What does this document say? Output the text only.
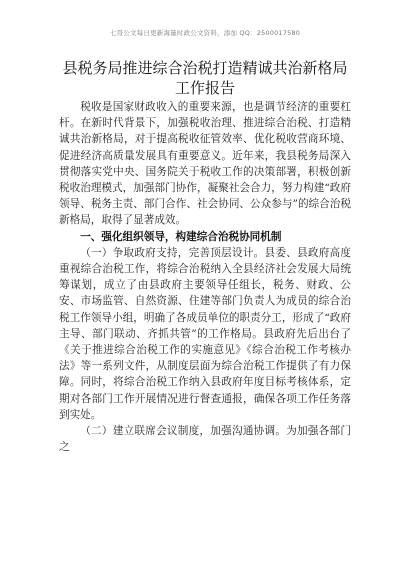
七哥公文每日更新海量时政公文资料，添加 QQ：2500017580
县税务局推进综合治税打造精诚共治新格局工作报告

税收是国家财政收入的重要来源，也是调节经济的重要杠杆。在新时代背景下，加强税收治理、推进综合治税、打造精诚共治新格局，对于提高税收征管效率、优化税收营商环境、促进经济高质量发展具有重要意义。近年来，我县税务局深入贯彻落实党中央、国务院关于税收工作的决策部署，积极创新税收治理模式，加强部门协作，凝聚社会合力，努力构建“政府领导、税务主责、部门合作、社会协同、公众参与”的综合治税新格局，取得了显著成效。

一、强化组织领导，构建综合治税协同机制

（一）争取政府支持，完善顶层设计。县委、县政府高度重视综合治税工作，将综合治税纳入全县经济社会发展大局统筹谋划，成立了由县政府主要领导任组长，税务、财政、公安、市场监管、自然资源、住建等部门负责人为成员的综合治税工作领导小组，明确了各成员单位的职责分工，形成了“政府主导、部门联动、齐抓共管”的工作格局。县政府先后出台了《关于推进综合治税工作的实施意见》《综合治税工作考核办法》等一系列文件，从制度层面为综合治税工作提供了有力保障。同时，将综合治税工作纳入县政府年度目标考核体系，定期对各部门工作开展情况进行督查通报，确保各项工作任务落到实处。

（二）建立联席会议制度，加强沟通协调。为加强各部门之
